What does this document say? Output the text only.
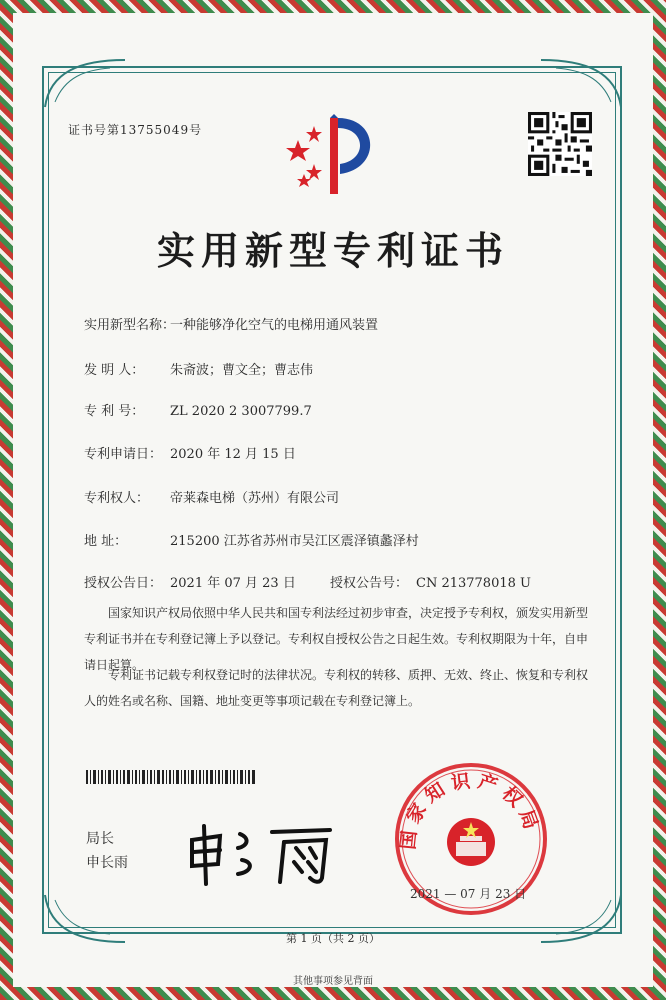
证书号第13755049号
实用新型专利证书
实用新型名称：一种能够净化空气的电梯用通风装置
发 明 人： 朱斋波；曹文全；曹志伟
专 利 号： ZL 2020 2 3007799.7
专利申请日： 2020 年 12 月 15 日
专利权人： 帝莱森电梯（苏州）有限公司
地 址：	215200 江苏省苏州市吴江区震泽镇蠡泽村
授权公告日： 2021 年 07 月 23 日	授权公告号： CN 213778018 U
国家知识产权局依照中华人民共和国专利法经过初步审查，决定授予专利权，颁发实用新型专利证书并在专利登记簿上予以登记。专利权自授权公告之日起生效。专利权期限为十年，自申请日起算。
专利证书记载专利权登记时的法律状况。专利权的转移、质押、无效、终止、恢复和专利权人的姓名或名称、国籍、地址变更等事项记载在专利登记簿上。
局长
申长雨
国家知识产权局
2021 — 07 月 23 日
第 1 页（共 2 页）
其他事项参见背面
